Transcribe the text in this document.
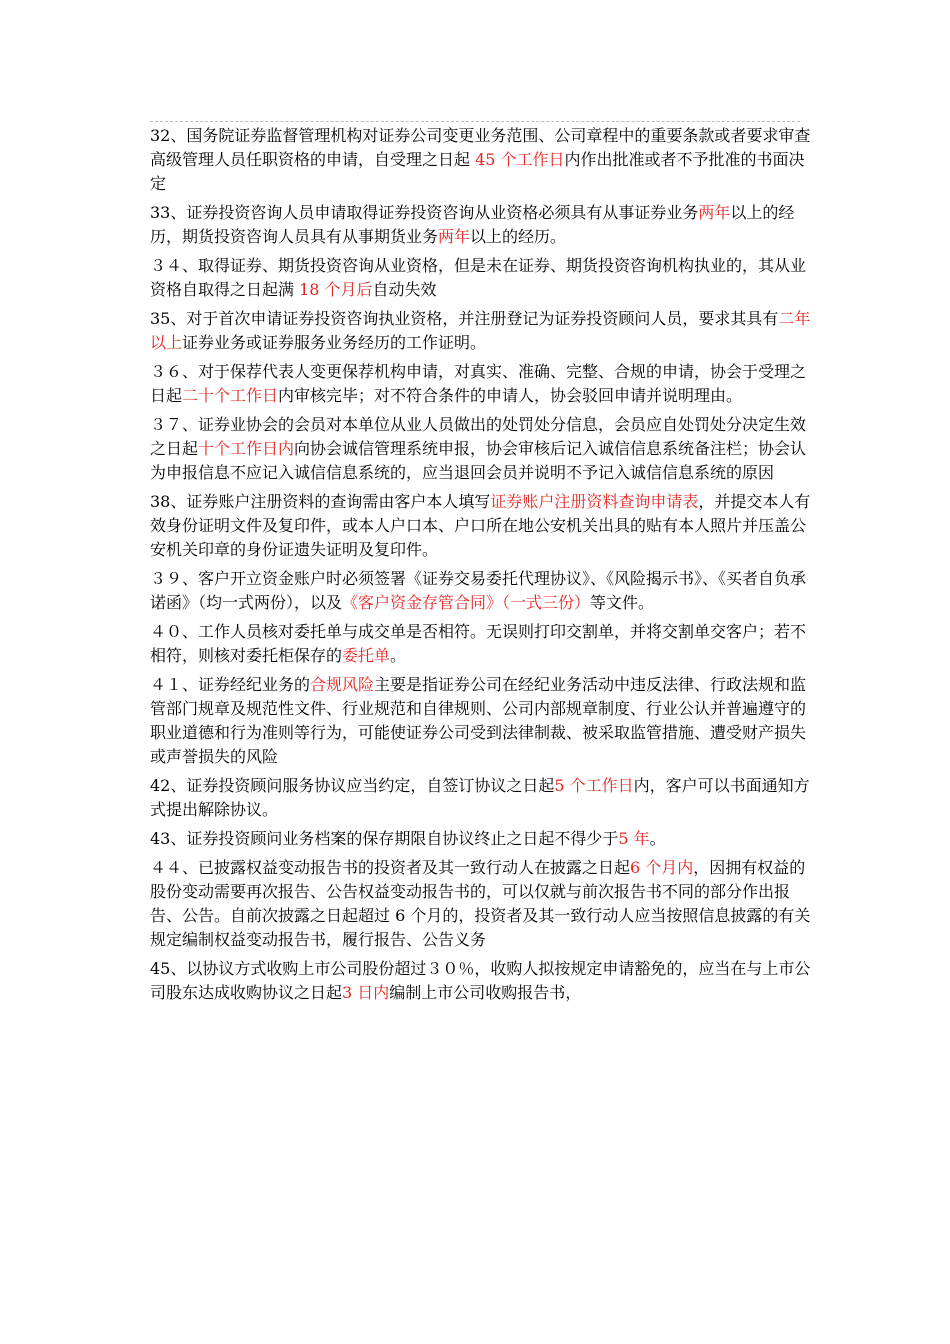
32、国务院证券监督管理机构对证券公司变更业务范围、公司章程中的重要条款或者要求审查高级管理人员任职资格的申请，自受理之日起 45 个工作日内作出批准或者不予批准的书面决定

33、证券投资咨询人员申请取得证券投资咨询从业资格必须具有从事证券业务两年以上的经历，期货投资咨询人员具有从事期货业务两年以上的经历。

３４、取得证券、期货投资咨询从业资格，但是未在证券、期货投资咨询机构执业的，其从业资格自取得之日起满 18 个月后自动失效

35、对于首次申请证券投资咨询执业资格，并注册登记为证券投资顾问人员，要求其具有二年以上证券业务或证券服务业务经历的工作证明。

３６、对于保荐代表人变更保荐机构申请，对真实、准确、完整、合规的申请，协会于受理之日起二十个工作日内审核完毕；对不符合条件的申请人，协会驳回申请并说明理由。

３７、证券业协会的会员对本单位从业人员做出的处罚处分信息，会员应自处罚处分决定生效之日起十个工作日内向协会诚信管理系统申报，协会审核后记入诚信信息系统备注栏；协会认为申报信息不应记入诚信信息系统的，应当退回会员并说明不予记入诚信信息系统的原因

38、证券账户注册资料的查询需由客户本人填写证券账户注册资料查询申请表，并提交本人有效身份证明文件及复印件，或本人户口本、户口所在地公安机关出具的贴有本人照片并压盖公安机关印章的身份证遗失证明及复印件。

３９、客户开立资金账户时必须签署《证券交易委托代理协议》、《风险揭示书》、《买者自负承诺函》（均一式两份），以及《客户资金存管合同》（一式三份）等文件。

４０、工作人员核对委托单与成交单是否相符。无误则打印交割单，并将交割单交客户；若不相符，则核对委托柜保存的委托单。

４１、证券经纪业务的合规风险主要是指证券公司在经纪业务活动中违反法律、行政法规和监管部门规章及规范性文件、行业规范和自律规则、公司内部规章制度、行业公认并普遍遵守的职业道德和行为准则等行为，可能使证券公司受到法律制裁、被采取监管措施、遭受财产损失或声誉损失的风险

42、证券投资顾问服务协议应当约定，自签订协议之日起5 个工作日内，客户可以书面通知方式提出解除协议。

43、证券投资顾问业务档案的保存期限自协议终止之日起不得少于5 年。

４４、已披露权益变动报告书的投资者及其一致行动人在披露之日起6 个月内，因拥有权益的股份变动需要再次报告、公告权益变动报告书的，可以仅就与前次报告书不同的部分作出报告、公告。自前次披露之日起超过 6 个月的，投资者及其一致行动人应当按照信息披露的有关规定编制权益变动报告书，履行报告、公告义务

45、以协议方式收购上市公司股份超过３０％，收购人拟按规定申请豁免的，应当在与上市公司股东达成收购协议之日起3 日内编制上市公司收购报告书，
